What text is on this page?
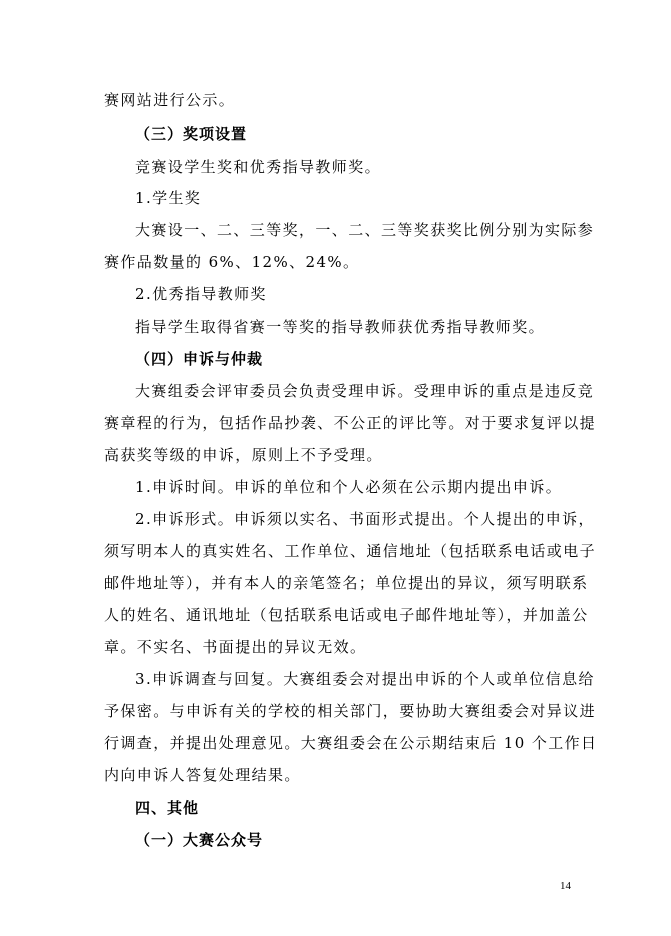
赛网站进行公示。
（三）奖项设置
竞赛设学生奖和优秀指导教师奖。
1.学生奖
大赛设一、二、三等奖，一、二、三等奖获奖比例分别为实际参
赛作品数量的 6%、12%、24%。
2.优秀指导教师奖
指导学生取得省赛一等奖的指导教师获优秀指导教师奖。
（四）申诉与仲裁
大赛组委会评审委员会负责受理申诉。受理申诉的重点是违反竞
赛章程的行为，包括作品抄袭、不公正的评比等。对于要求复评以提
高获奖等级的申诉，原则上不予受理。
1.申诉时间。申诉的单位和个人必须在公示期内提出申诉。
2.申诉形式。申诉须以实名、书面形式提出。个人提出的申诉，
须写明本人的真实姓名、工作单位、通信地址（包括联系电话或电子
邮件地址等），并有本人的亲笔签名；单位提出的异议，须写明联系
人的姓名、通讯地址（包括联系电话或电子邮件地址等），并加盖公
章。不实名、书面提出的异议无效。
3.申诉调查与回复。大赛组委会对提出申诉的个人或单位信息给
予保密。与申诉有关的学校的相关部门，要协助大赛组委会对异议进
行调查，并提出处理意见。大赛组委会在公示期结束后 10 个工作日
内向申诉人答复处理结果。
四、其他
（一）大赛公众号
14
